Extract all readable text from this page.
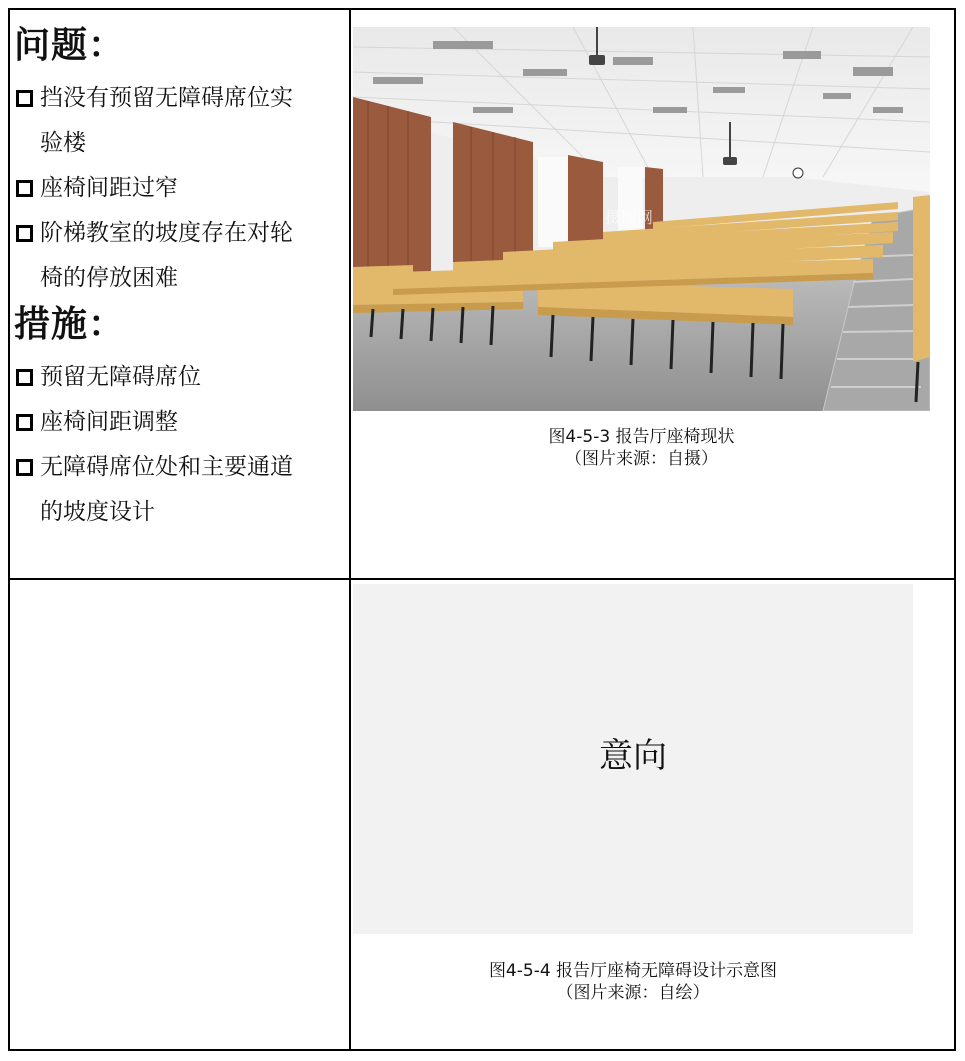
问题：
挡没有预留无障碍席位实
验楼
座椅间距过窄
阶梯教室的坡度存在对轮
椅的停放困难
措施：
预留无障碍席位
座椅间距调整
无障碍席位处和主要通道
的坡度设计
摄图网
图4-5-3 报告厅座椅现状
（图片来源：自摄）
意向
图4-5-4 报告厅座椅无障碍设计示意图
（图片来源：自绘）
